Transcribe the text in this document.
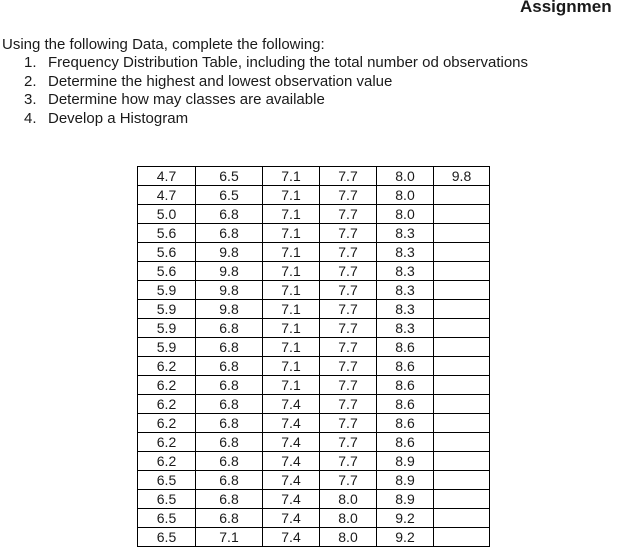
Assignmen

Using the following Data, complete the following:

1. Frequency Distribution Table, including the total number od observations
2. Determine the highest and lowest observation value
3. Determine how may classes are available
4. Develop a Histogram
4.7	6.5	7.1	7.7	8.0	9.8
4.7	6.5	7.1	7.7	8.0	
5.0	6.8	7.1	7.7	8.0	
5.6	6.8	7.1	7.7	8.3	
5.6	9.8	7.1	7.7	8.3	
5.6	9.8	7.1	7.7	8.3	
5.9	9.8	7.1	7.7	8.3	
5.9	9.8	7.1	7.7	8.3	
5.9	6.8	7.1	7.7	8.3	
5.9	6.8	7.1	7.7	8.6	
6.2	6.8	7.1	7.7	8.6	
6.2	6.8	7.1	7.7	8.6	
6.2	6.8	7.4	7.7	8.6	
6.2	6.8	7.4	7.7	8.6	
6.2	6.8	7.4	7.7	8.6	
6.2	6.8	7.4	7.7	8.9	
6.5	6.8	7.4	7.7	8.9	
6.5	6.8	7.4	8.0	8.9	
6.5	6.8	7.4	8.0	9.2	
6.5	7.1	7.4	8.0	9.2	
